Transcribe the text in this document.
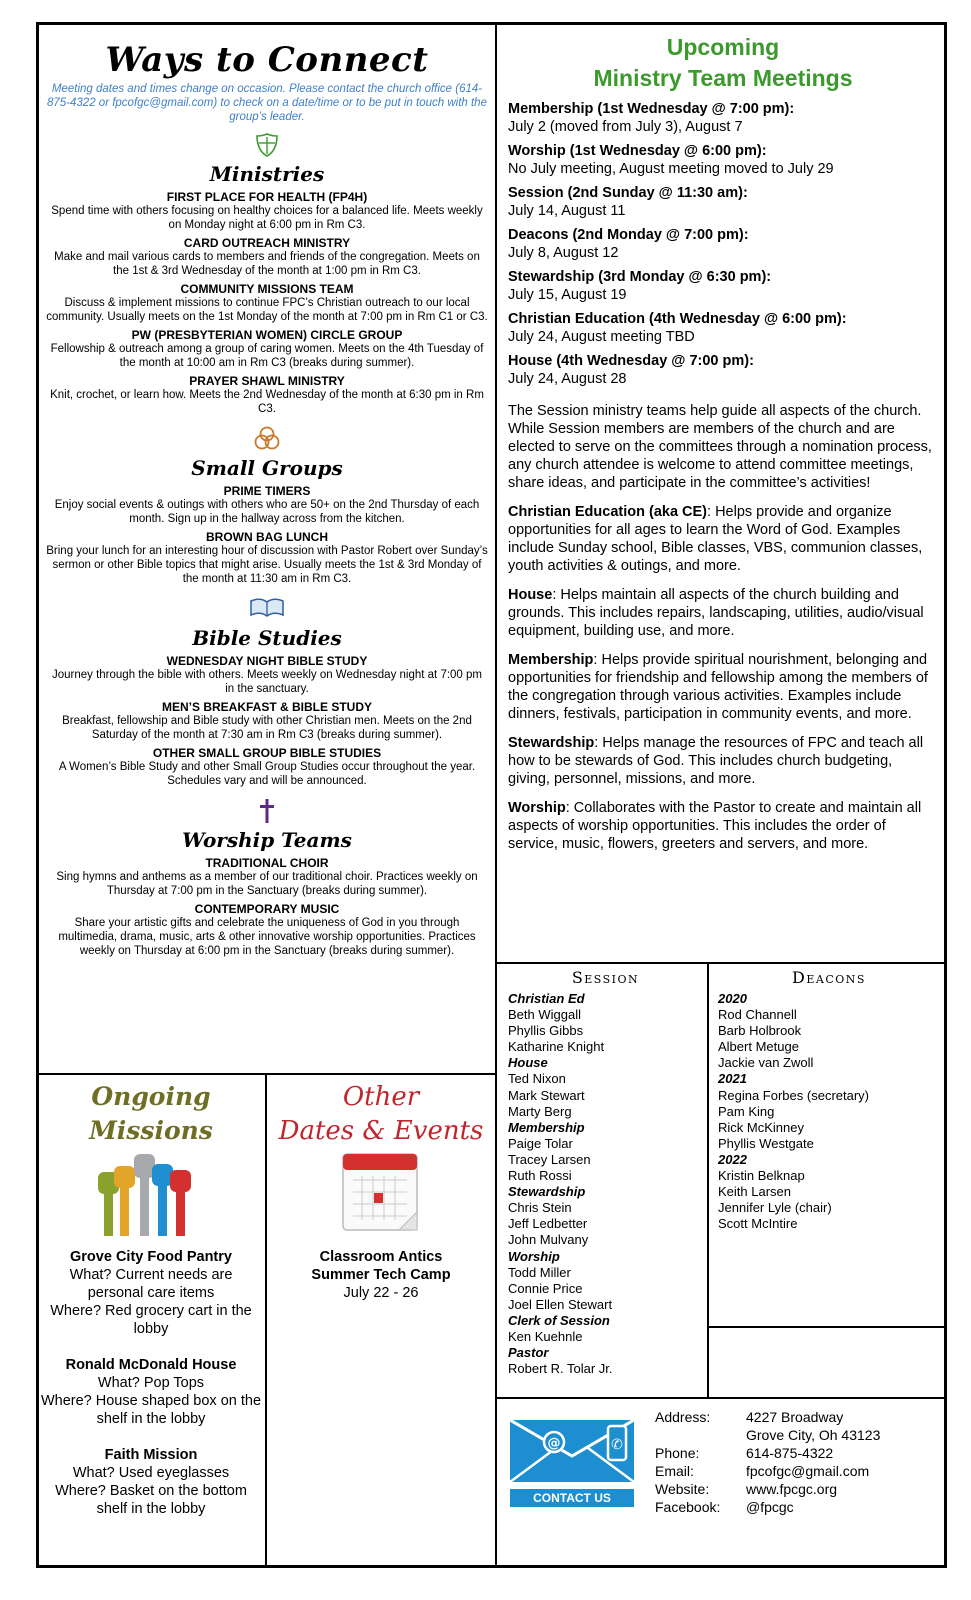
Ways to Connect
Meeting dates and times change on occasion. Please contact the church office (614-875-4322 or fpcofgc@gmail.com) to check on a date/time or to be put in touch with the group’s leader.
Ministries
FIRST PLACE FOR HEALTH (FP4H)
Spend time with others focusing on healthy choices for a balanced life. Meets weekly on Monday night at 6:00 pm in Rm C3.
CARD OUTREACH MINISTRY
Make and mail various cards to members and friends of the congregation. Meets on the 1st & 3rd Wednesday of the month at 1:00 pm in Rm C3.
COMMUNITY MISSIONS TEAM
Discuss & implement missions to continue FPC’s Christian outreach to our local community. Usually meets on the 1st Monday of the month at 7:00 pm in Rm C1 or C3.
PW (PRESBYTERIAN WOMEN) CIRCLE GROUP
Fellowship & outreach among a group of caring women. Meets on the 4th Tuesday of the month at 10:00 am in Rm C3 (breaks during summer).
PRAYER SHAWL MINISTRY
Knit, crochet, or learn how. Meets the 2nd Wednesday of the month at 6:30 pm in Rm C3.
Small Groups
PRIME TIMERS
Enjoy social events & outings with others who are 50+ on the 2nd Thursday of each month. Sign up in the hallway across from the kitchen.
BROWN BAG LUNCH
Bring your lunch for an interesting hour of discussion with Pastor Robert over Sunday’s sermon or other Bible topics that might arise. Usually meets the 1st & 3rd Monday of the month at 11:30 am in Rm C3.
Bible Studies
WEDNESDAY NIGHT BIBLE STUDY
Journey through the bible with others. Meets weekly on Wednesday night at 7:00 pm in the sanctuary.
MEN’S BREAKFAST & BIBLE STUDY
Breakfast, fellowship and Bible study with other Christian men. Meets on the 2nd Saturday of the month at 7:30 am in Rm C3 (breaks during summer).
OTHER SMALL GROUP BIBLE STUDIES
A Women’s Bible Study and other Small Group Studies occur throughout the year. Schedules vary and will be announced.
Worship Teams
TRADITIONAL CHOIR
Sing hymns and anthems as a member of our traditional choir. Practices weekly on Thursday at 7:00 pm in the Sanctuary (breaks during summer).
CONTEMPORARY MUSIC
Share your artistic gifts and celebrate the uniqueness of God in you through multimedia, drama, music, arts & other innovative worship opportunities. Practices weekly on Thursday at 6:00 pm in the Sanctuary (breaks during summer).
Upcoming
Ministry Team Meetings
Membership (1st Wednesday @ 7:00 pm):
July 2 (moved from July 3), August 7
Worship (1st Wednesday @ 6:00 pm):
No July meeting, August meeting moved to July 29
Session (2nd Sunday @ 11:30 am):
July 14, August 11
Deacons (2nd Monday @ 7:00 pm):
July 8, August 12
Stewardship (3rd Monday @ 6:30 pm):
July 15, August 19
Christian Education (4th Wednesday @ 6:00 pm):
July 24, August meeting TBD
House (4th Wednesday @ 7:00 pm):
July 24, August 28
The Session ministry teams help guide all aspects of the church. While Session members are members of the church and are elected to serve on the committees through a nomination process, any church attendee is welcome to attend committee meetings, share ideas, and participate in the committee’s activities!
Christian Education (aka CE): Helps provide and organize opportunities for all ages to learn the Word of God. Examples include Sunday school, Bible classes, VBS, communion classes, youth activities & outings, and more.
House: Helps maintain all aspects of the church building and grounds. This includes repairs, landscaping, utilities, audio/visual equipment, building use, and more.
Membership: Helps provide spiritual nourishment, belonging and opportunities for friendship and fellowship among the members of the congregation through various activities. Examples include dinners, festivals, participation in community events, and more.
Stewardship: Helps manage the resources of FPC and teach all how to be stewards of God. This includes church budgeting, giving, personnel, missions, and more.
Worship: Collaborates with the Pastor to create and maintain all aspects of worship opportunities. This includes the order of service, music, flowers, greeters and servers, and more.
Session
Christian Ed
Beth Wiggall
Phyllis Gibbs
Katharine Knight
House
Ted Nixon
Mark Stewart
Marty Berg
Membership
Paige Tolar
Tracey Larsen
Ruth Rossi
Stewardship
Chris Stein
Jeff Ledbetter
John Mulvany
Worship
Todd Miller
Connie Price
Joel Ellen Stewart
Clerk of Session
Ken Kuehnle
Pastor
Robert R. Tolar Jr.
Deacons
2020
Rod Channell
Barb Holbrook
Albert Metuge
Jackie van Zwoll
2021
Regina Forbes (secretary)
Pam King
Rick McKinney
Phyllis Westgate
2022
Kristin Belknap
Keith Larsen
Jennifer Lyle (chair)
Scott McIntire
@	✆
CONTACT US
Address:	4227 Broadway
Grove City, Oh 43123
Phone:	614-875-4322
Email:	fpcofgc@gmail.com
Website:	www.fpcgc.org
Facebook: @fpcgc
Ongoing
Missions
Grove City Food Pantry
What? Current needs are personal care items
Where? Red grocery cart in the lobby
Ronald McDonald House
What? Pop Tops
Where? House shaped box on the shelf in the lobby
Faith Mission
What? Used eyeglasses
Where? Basket on the bottom shelf in the lobby
Other
Dates & Events
Classroom Antics
Summer Tech Camp
July 22 - 26
